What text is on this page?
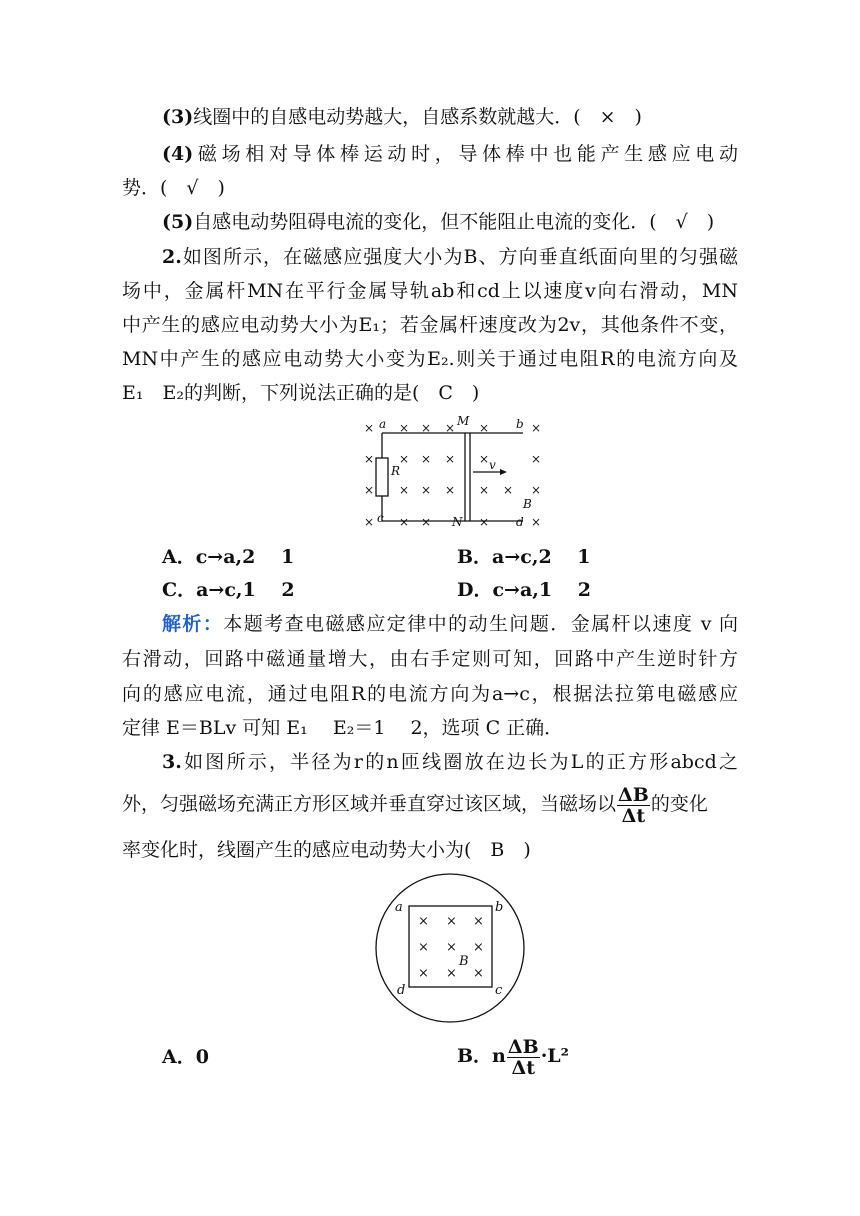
(3)线圈中的自感电动势越大，自感系数就越大．(　×　)
(4)磁场相对导体棒运动时，导体棒中也能产生感应电动
势．(　√　)
(5)自感电动势阻碍电流的变化，但不能阻止电流的变化．(　√　)
2.如图所示，在磁感应强度大小为B、方向垂直纸面向里的匀强磁
场中，金属杆MN在平行金属导轨ab和cd上以速度v向右滑动，MN
中产生的感应电动势大小为E₁；若金属杆速度改为2v，其他条件不变，
MN中产生的感应电动势大小变为E₂.则关于通过电阻R的电流方向及
E₁　E₂的判断，下列说法正确的是(　C　)
× × × × ×	×
× × × × ×	×
× × × × × × ×
× × ×	×	×
a	M	b
R	v
B
c	N	d
A．c→a,2　 1	B．a→c,2　 1
C．a→c,1　 2	D．c→a,1　 2
解析：本题考查电磁感应定律中的动生问题．金属杆以速度 v 向
右滑动，回路中磁通量增大，由右手定则可知，回路中产生逆时针方
向的感应电流，通过电阻R的电流方向为a→c，根据法拉第电磁感应
定律 E＝BLv 可知 E₁　 E₂＝1　 2，选项 C 正确．
3.如图所示，半径为r的n匝线圈放在边长为L的正方形abcd之
外，匀强磁场充满正方形区域并垂直穿过该区域，当磁场以 $\frac{\Delta B}{\Delta t}$ 的变化
率变化时，线圈产生的感应电动势大小为(　B　)
× × ×
× × ×
× × ×
a	b
c
d
B
A．0	B．n $\frac{\Delta B}{\Delta t} \cdot L^2$
